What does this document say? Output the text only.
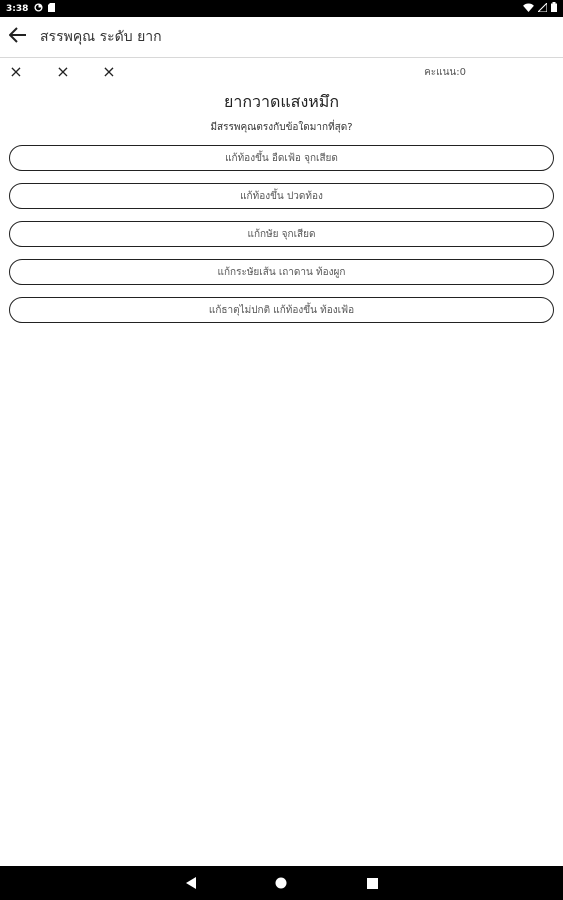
3:38
สรรพคุณ ระดับ ยาก
× × ×	คะแนน:0
ยากวาดแสงหมึก
มีสรรพคุณตรงกับข้อใดมากที่สุด?
แก้ท้องขึ้น อืดเฟ้อ จุกเสียด
แก้ท้องขึ้น ปวดท้อง
แก้กษัย จุกเสียด
แก้กระษัยเส้น เถาดาน ท้องผูก
แก้ธาตุไม่ปกติ แก้ท้องขึ้น ท้องเฟ้อ
